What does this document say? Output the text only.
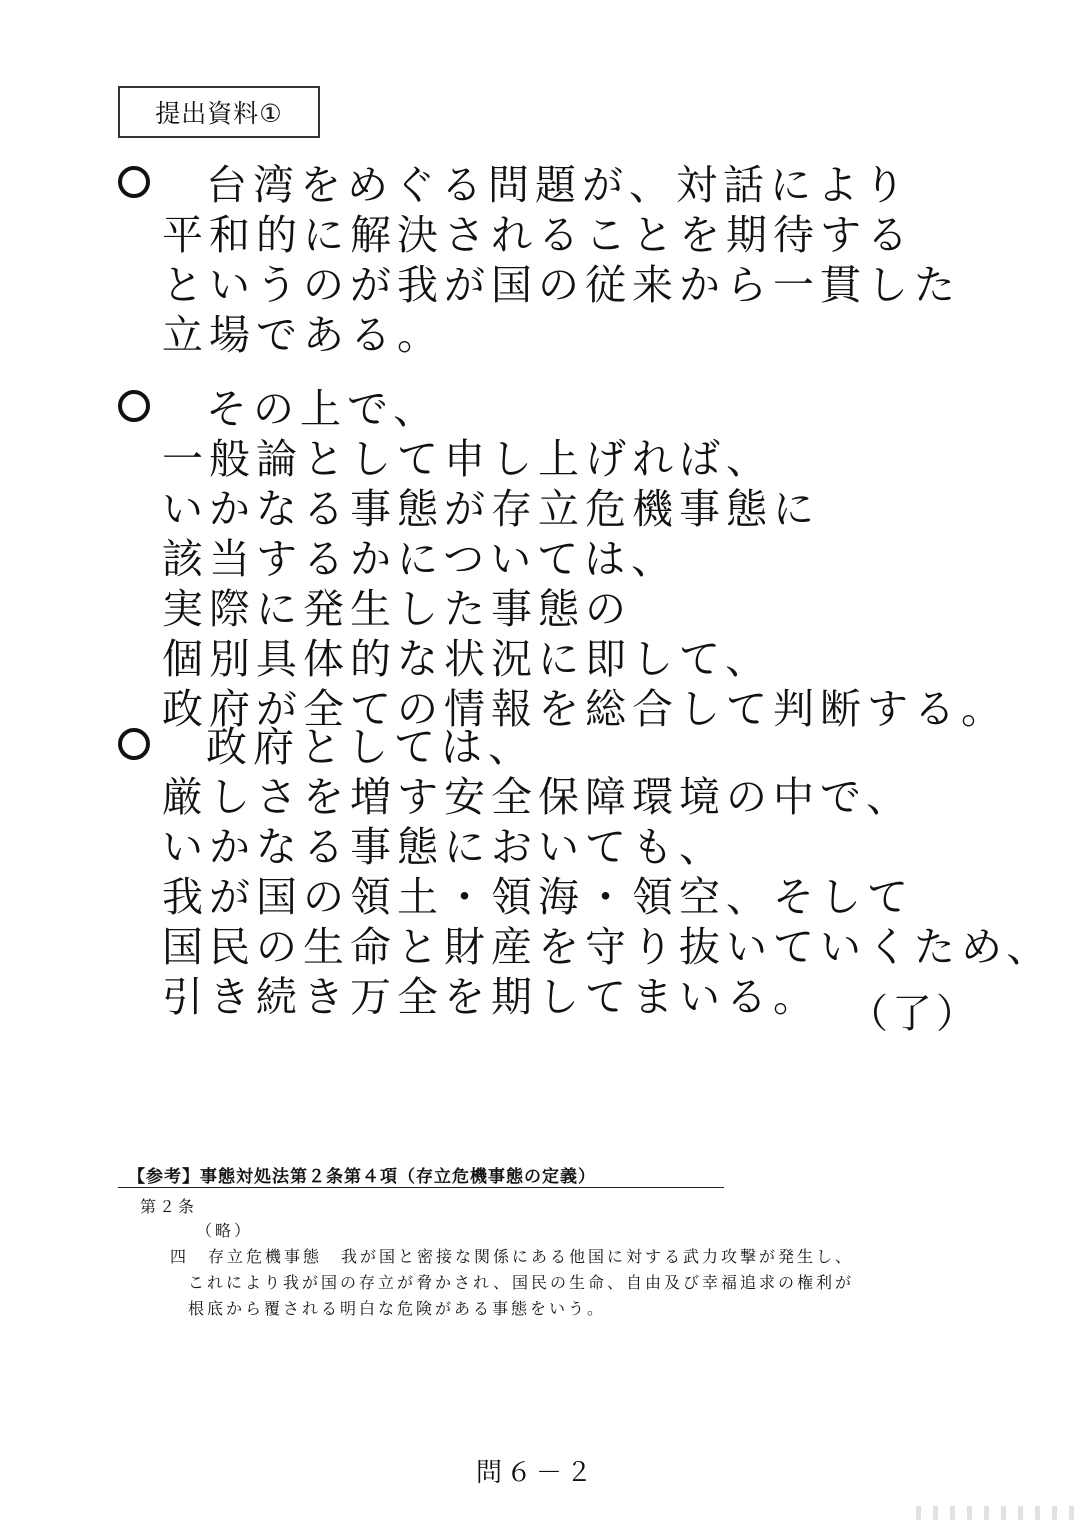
提出資料①
台湾をめぐる問題が、対話により
平和的に解決されることを期待する
というのが我が国の従来から一貫した
立場である。
その上で、
一般論として申し上げれば、
いかなる事態が存立危機事態に
該当するかについては、
実際に発生した事態の
個別具体的な状況に即して、
政府が全ての情報を総合して判断する。
政府としては、
厳しさを増す安全保障環境の中で、
いかなる事態においても、
我が国の領土・領海・領空、そして
国民の生命と財産を守り抜いていくため、
引き続き万全を期してまいる。 （了）
【参考】事態対処法第２条第４項（存立危機事態の定義）
第２条
（略）
四　存立危機事態　我が国と密接な関係にある他国に対する武力攻撃が発生し、
これにより我が国の存立が脅かされ、国民の生命、自由及び幸福追求の権利が
根底から覆される明白な危険がある事態をいう。
問６－２
